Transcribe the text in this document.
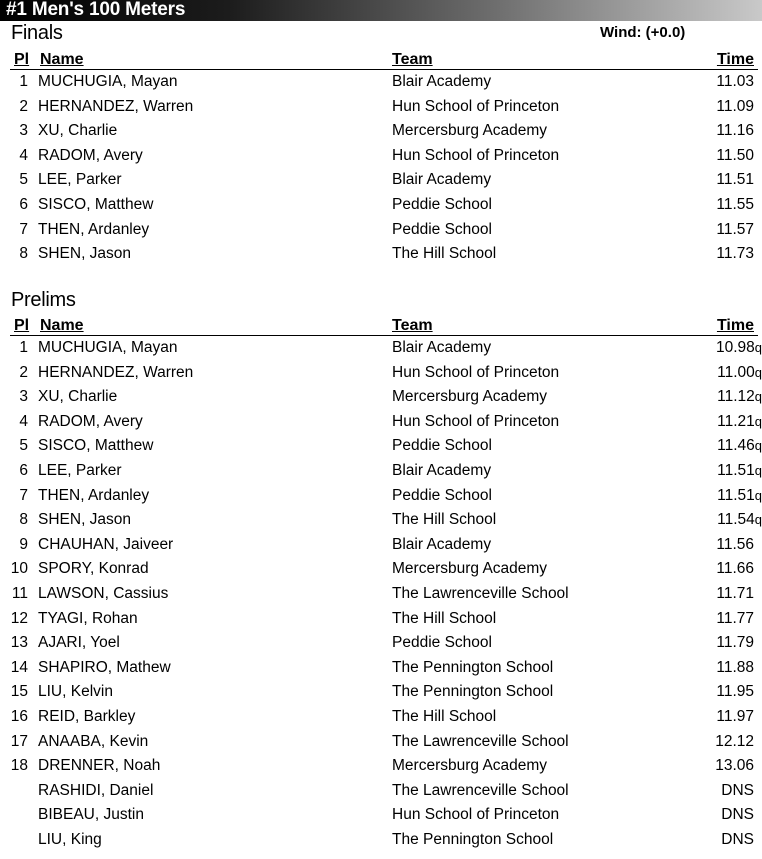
#1 Men's 100 Meters
Finals	Wind: (+0.0)
Pl Name	Team	Time
1 MUCHUGIA, Mayan	Blair Academy	11.03
2 HERNANDEZ, Warren	Hun School of Princeton	11.09
3 XU, Charlie	Mercersburg Academy	11.16
4 RADOM, Avery	Hun School of Princeton	11.50
5 LEE, Parker	Blair Academy	11.51
6 SISCO, Matthew	Peddie School	11.55
7 THEN, Ardanley	Peddie School	11.57
8 SHEN, Jason	The Hill School	11.73
Prelims
Pl Name	Team	Time
1 MUCHUGIA, Mayan	Blair Academy	10.98q
2 HERNANDEZ, Warren	Hun School of Princeton	11.00q
3 XU, Charlie	Mercersburg Academy	11.12q
4 RADOM, Avery	Hun School of Princeton	11.21q
5 SISCO, Matthew	Peddie School	11.46q
6 LEE, Parker	Blair Academy	11.51q
7 THEN, Ardanley	Peddie School	11.51q
8 SHEN, Jason	The Hill School	11.54q
9 CHAUHAN, Jaiveer	Blair Academy	11.56
10 SPORY, Konrad	Mercersburg Academy	11.66
11 LAWSON, Cassius	The Lawrenceville School	11.71
12 TYAGI, Rohan	The Hill School	11.77
13 AJARI, Yoel	Peddie School	11.79
14 SHAPIRO, Mathew	The Pennington School	11.88
15 LIU, Kelvin	The Pennington School	11.95
16 REID, Barkley	The Hill School	11.97
17 ANAABA, Kevin	The Lawrenceville School	12.12
18 DRENNER, Noah	Mercersburg Academy	13.06
RASHIDI, Daniel	The Lawrenceville School	DNS
BIBEAU, Justin	Hun School of Princeton	DNS
LIU, King	The Pennington School	DNS
